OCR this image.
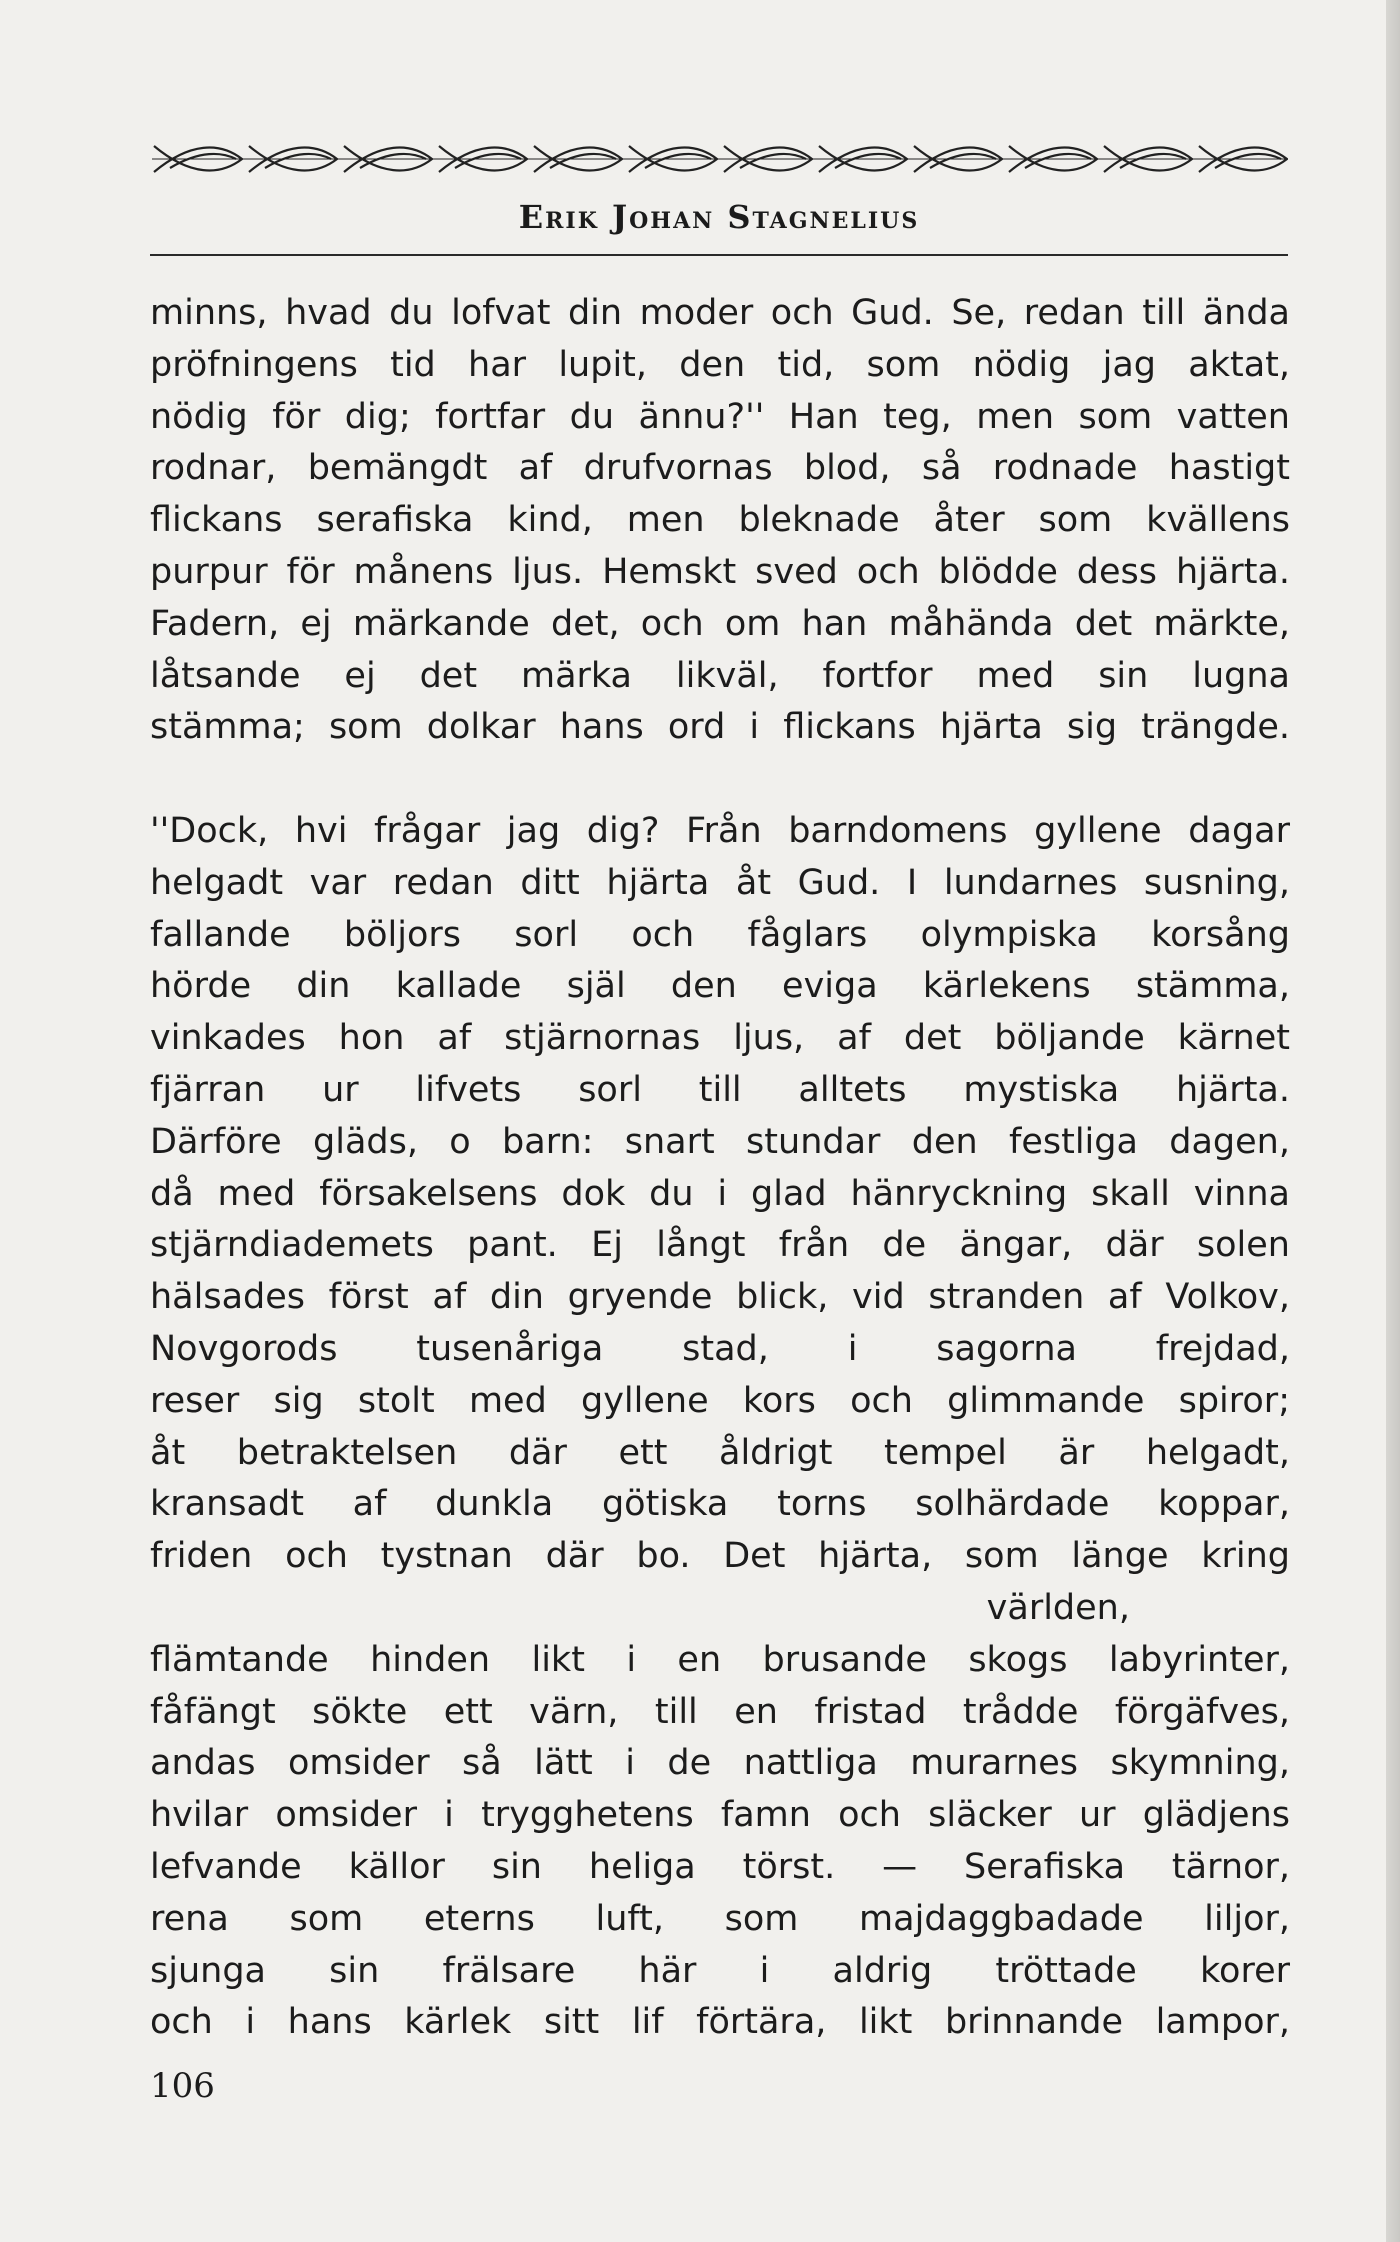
Erik Johan Stagnelius
minns, hvad du lofvat din moder och Gud. Se, redan till ända
pröfningens tid har lupit, den tid, som nödig jag aktat,
nödig för dig; fortfar du ännu?'' Han teg, men som vatten
rodnar, bemängdt af drufvornas blod, så rodnade hastigt
flickans serafiska kind, men bleknade åter som kvällens
purpur för månens ljus. Hemskt sved och blödde dess hjärta.
Fadern, ej märkande det, och om han måhända det märkte,
låtsande ej det märka likväl, fortfor med sin lugna
stämma; som dolkar hans ord i flickans hjärta sig trängde.
''Dock, hvi frågar jag dig? Från barndomens gyllene dagar
helgadt var redan ditt hjärta åt Gud. I lundarnes susning,
fallande böljors sorl och fåglars olympiska korsång
hörde din kallade själ den eviga kärlekens stämma,
vinkades hon af stjärnornas ljus, af det böljande kärnet
fjärran ur lifvets sorl till alltets mystiska hjärta.
Därföre gläds, o barn: snart stundar den festliga dagen,
då med försakelsens dok du i glad hänryckning skall vinna
stjärndiademets pant. Ej långt från de ängar, där solen
hälsades först af din gryende blick, vid stranden af Volkov,
Novgorods tusenåriga stad, i sagorna frejdad,
reser sig stolt med gyllene kors och glimmande spiror;
åt betraktelsen där ett åldrigt tempel är helgadt,
kransadt af dunkla götiska torns solhärdade koppar,
friden och tystnan där bo. Det hjärta, som länge kring
världen,
flämtande hinden likt i en brusande skogs labyrinter,
fåfängt sökte ett värn, till en fristad trådde förgäfves,
andas omsider så lätt i de nattliga murarnes skymning,
hvilar omsider i trygghetens famn och släcker ur glädjens
lefvande källor sin heliga törst. — Serafiska tärnor,
rena som eterns luft, som majdaggbadade liljor,
sjunga sin frälsare här i aldrig tröttade korer
och i hans kärlek sitt lif förtära, likt brinnande lampor,
106
